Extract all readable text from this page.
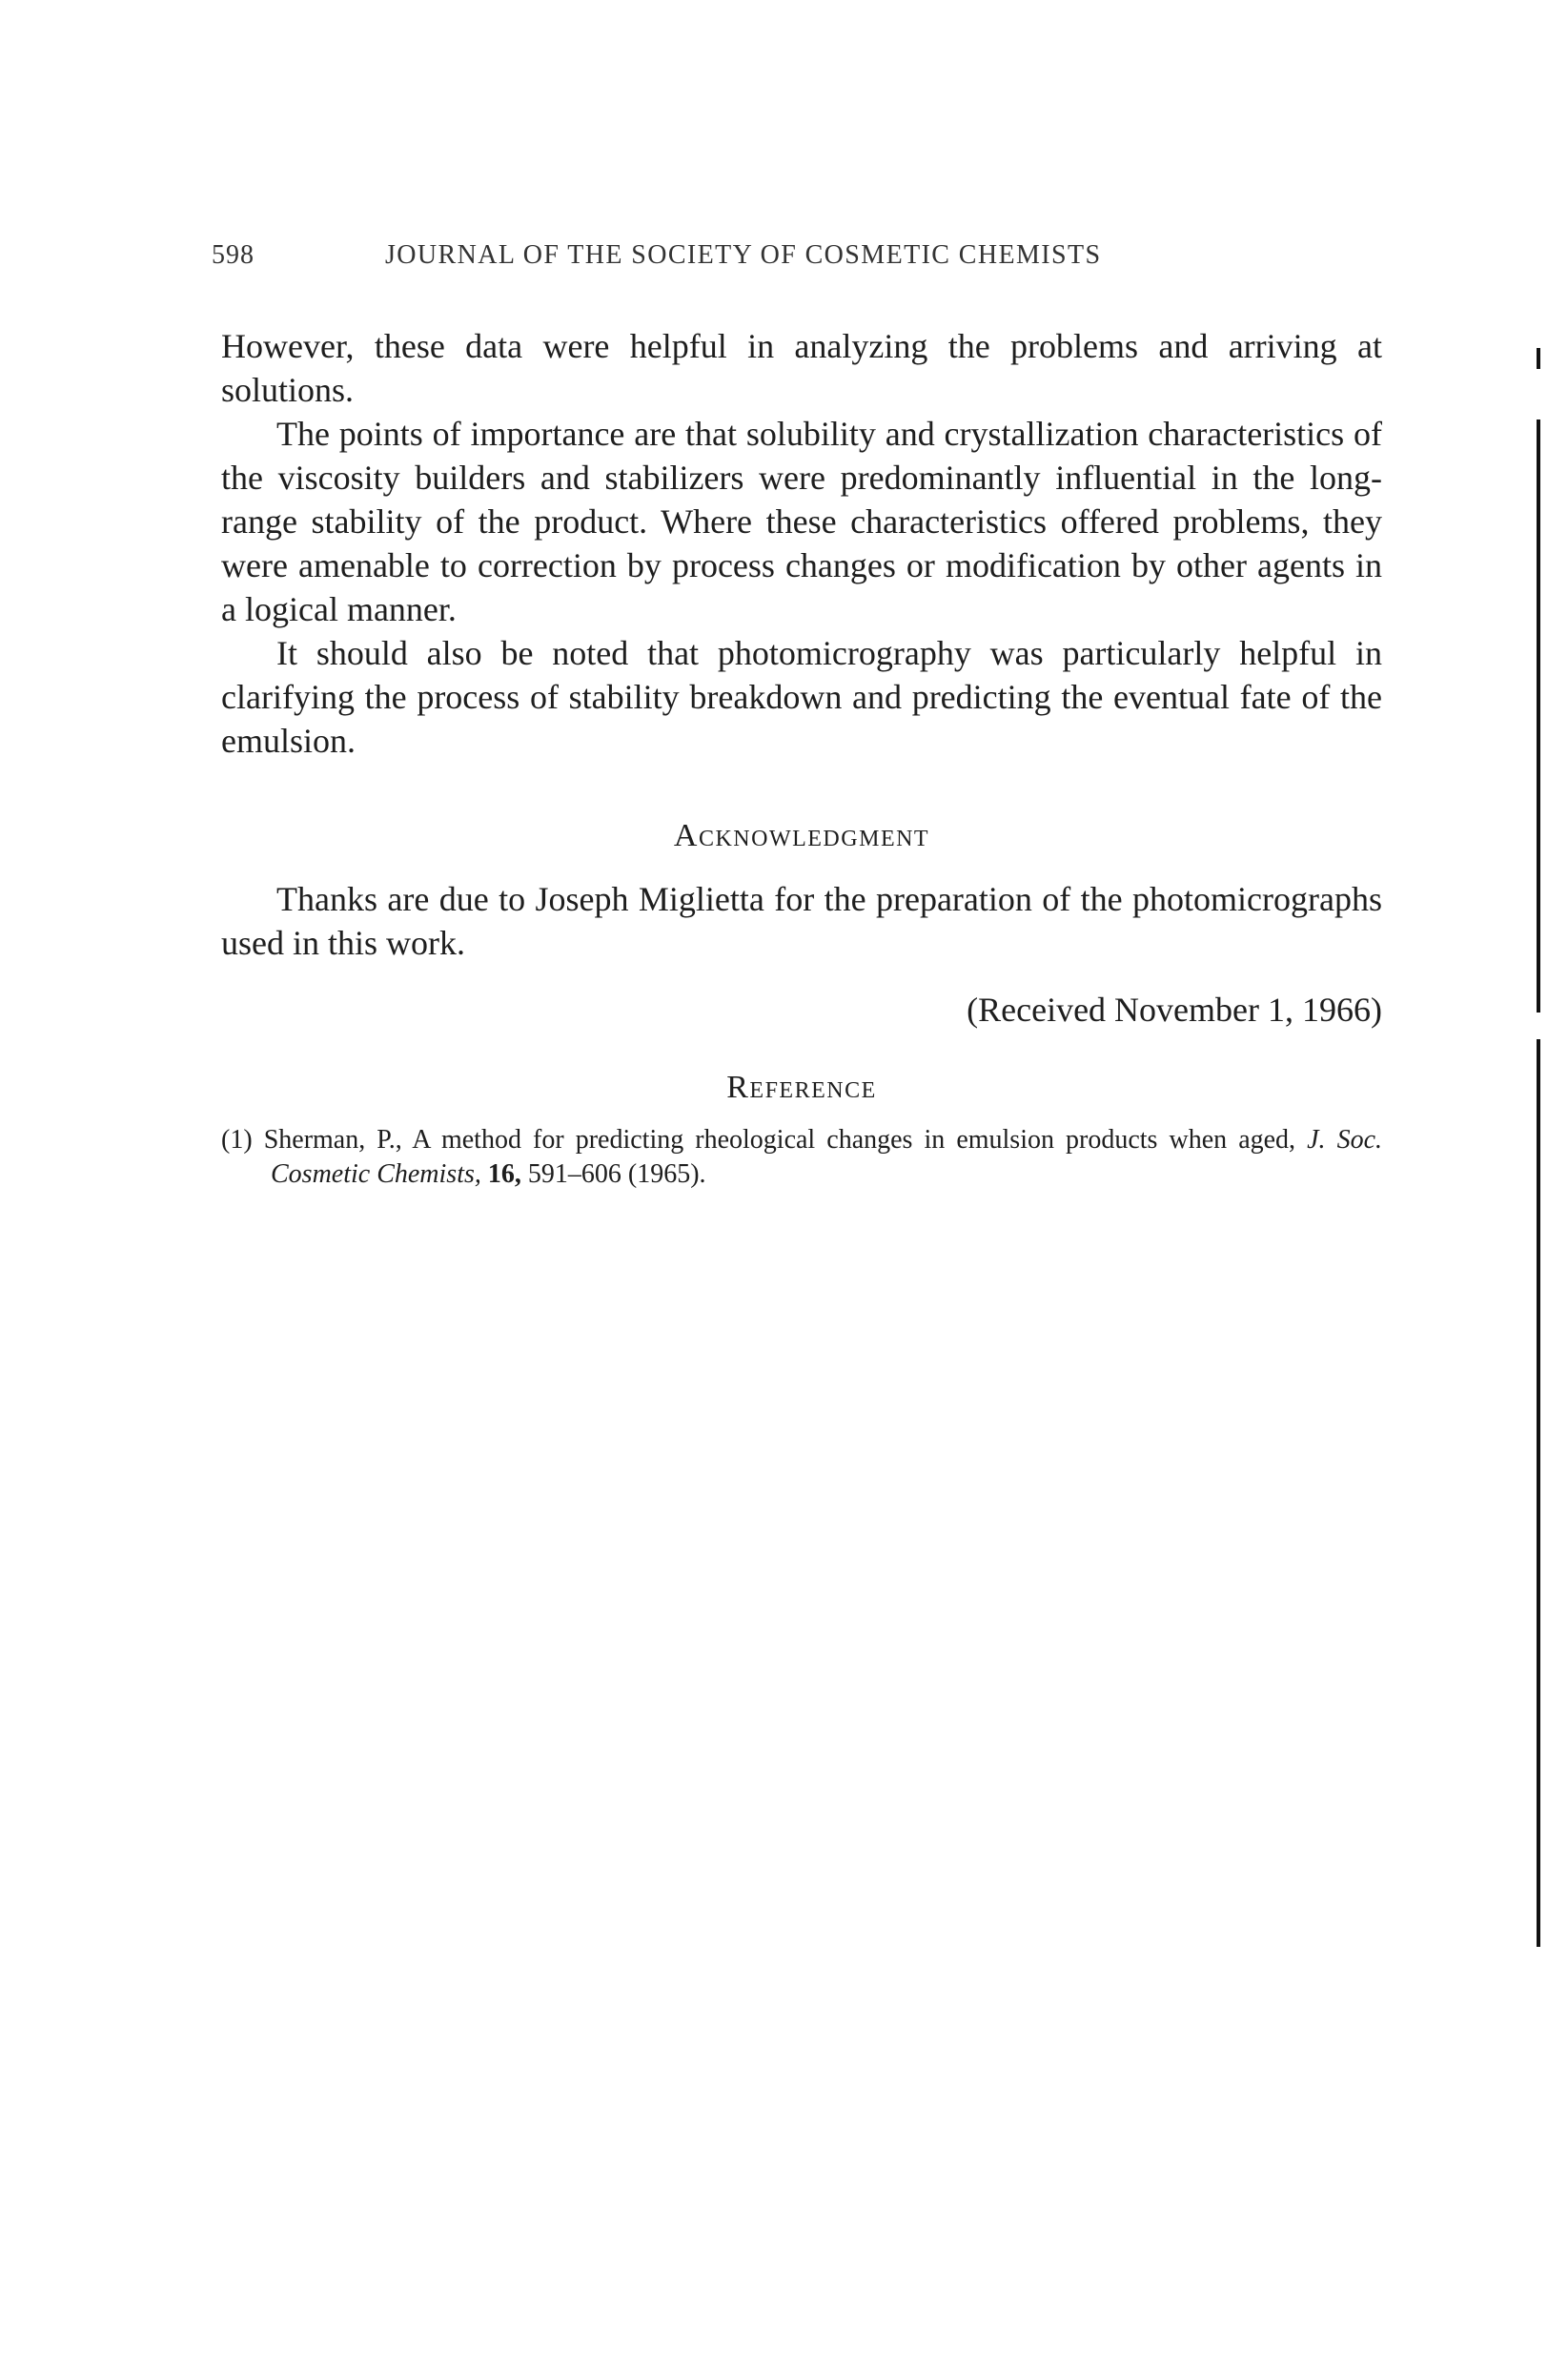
598	JOURNAL OF THE SOCIETY OF COSMETIC CHEMISTS

However, these data were helpful in analyzing the problems and arriving at solutions.

The points of importance are that solubility and crystallization characteristics of the viscosity builders and stabilizers were predominantly influential in the long-range stability of the product. Where these characteristics offered problems, they were amenable to correction by process changes or modification by other agents in a logical manner.

It should also be noted that photomicrography was particularly helpful in clarifying the process of stability breakdown and predicting the eventual fate of the emulsion.

Acknowledgment

Thanks are due to Joseph Miglietta for the preparation of the photomicrographs used in this work.

(Received November 1, 1966)

Reference
(1) Sherman, P., A method for predicting rheological changes in emulsion products when aged, J. Soc. Cosmetic Chemists, 16, 591–606 (1965).
